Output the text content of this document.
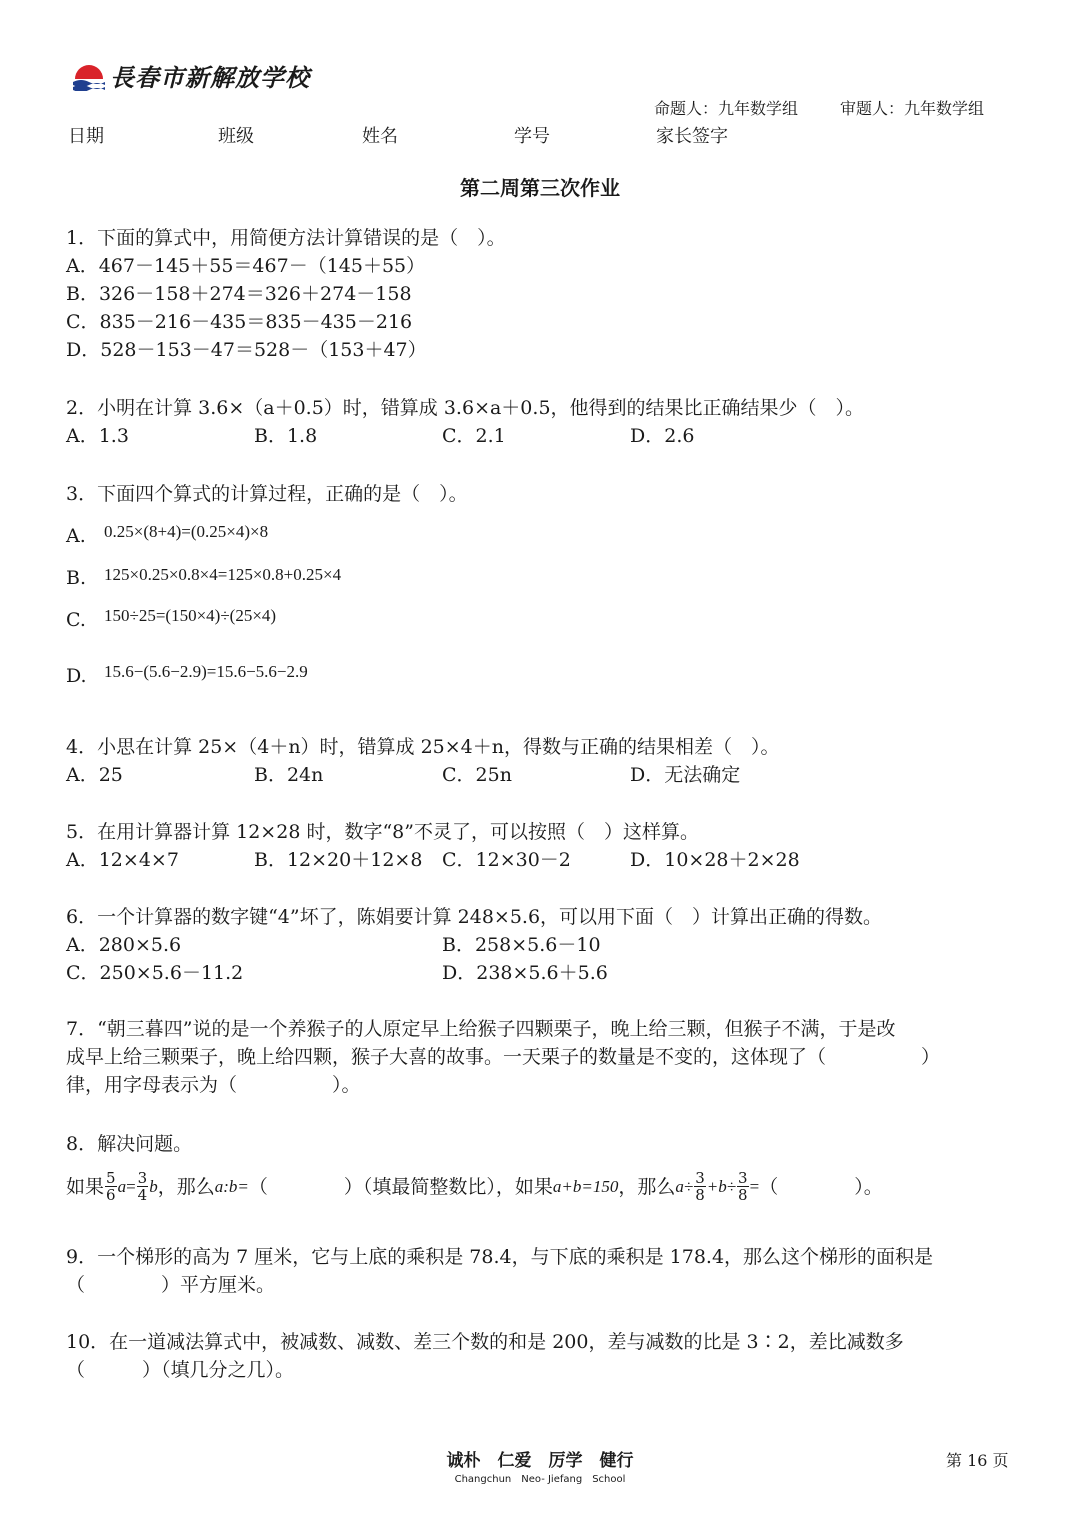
長春市新解放学校
命题人：九年数学组	审题人：九年数学组
日期	班级	姓名	学号	家长签字
第二周第三次作业
1．下面的算式中，用简便方法计算错误的是（　）。
A．467－145＋55＝467－（145＋55）
B．326－158＋274＝326＋274－158
C．835－216－435＝835－435－216
D．528－153－47＝528－（153＋47）
2．小明在计算 3.6×（a＋0.5）时，错算成 3.6×a＋0.5，他得到的结果比正确结果少（　）。
A．1.3	B．1.8	C．2.1	D．2.6
3．下面四个算式的计算过程，正确的是（　）。
A. 0.25×(8+4)=(0.25×4)×8
B. 125×0.25×0.8×4=125×0.8+0.25×4
C. 150÷25=(150×4)÷(25×4)
D. 15.6−(5.6−2.9)=15.6−5.6−2.9
4．小思在计算 25×（4＋n）时，错算成 25×4＋n，得数与正确的结果相差（　）。
A．25	B．24n	C．25n	D．无法确定
5．在用计算器计算 12×28 时，数字“8”不灵了，可以按照（　）这样算。
A．12×4×7	B．12×20＋12×8 C．12×30－2	D．10×28＋2×28
6．一个计算器的数字键“4”坏了，陈娟要计算 248×5.6，可以用下面（　）计算出正确的得数。
A．280×5.6	B．258×5.6－10
C．250×5.6－11.2	D．238×5.6＋5.6
7．“朝三暮四”说的是一个养猴子的人原定早上给猴子四颗栗子，晚上给三颗，但猴子不满，于是改
成早上给三颗栗子，晚上给四颗，猴子大喜的故事。一天栗子的数量是不变的，这体现了（　　　　　）
律，用字母表示为（　　　　　）。
8．解决问题。
如果 $\frac{5}{6}$ $a = \frac{3}{4}$ b ，那么 a:b= （　　　　）（填最简整数比），如果 a+b=150 ，那么 $a\div \frac{3}{8} +b\div \frac{3}{8}$ = （　　　　）。
9．一个梯形的高为 7 厘米，它与上底的乘积是 78.4，与下底的乘积是 178.4，那么这个梯形的面积是
（　　　　）平方厘米。
10．在一道减法算式中，被减数、减数、差三个数的和是 200，差与减数的比是 3∶2，差比减数多
（　　　）（填几分之几）。
诚朴　仁爱　厉学　健行
Changchun　Neo- Jiefang　School
第 16 页
